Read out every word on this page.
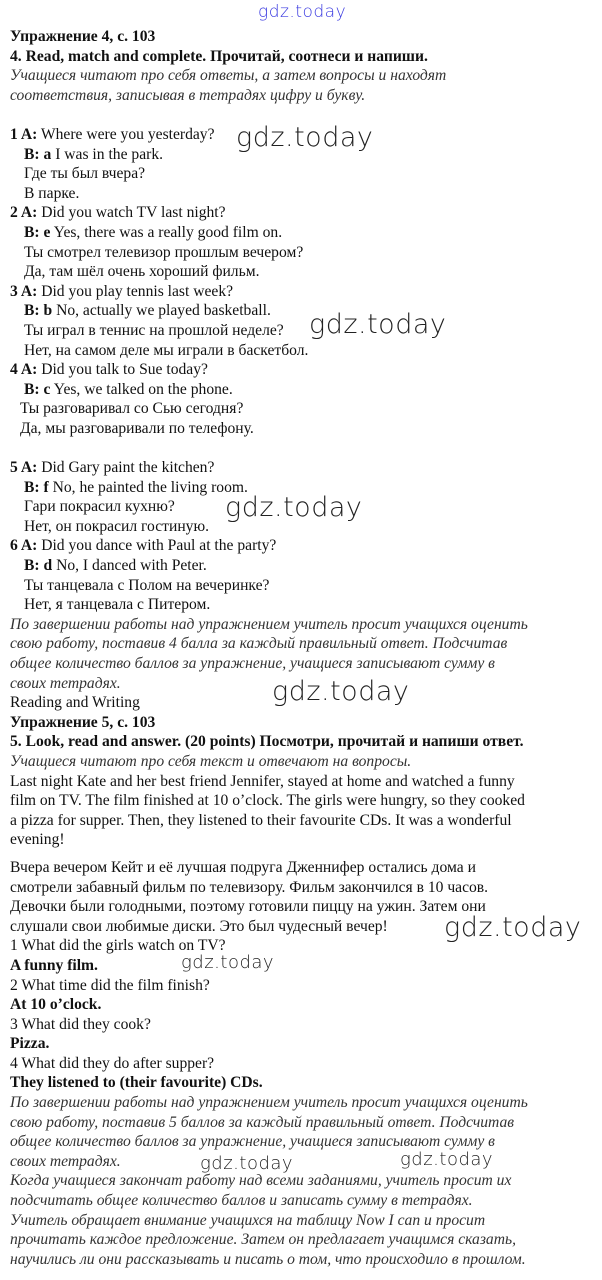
Упражнение 4, с. 103
4. Read, match and complete. Прочитай, соотнеси и напиши.
Учащиеся читают про себя ответы, а затем вопросы и находят
соответствия, записывая в тетрадях цифру и букву.
1 A: Where were you yesterday?
B: a I was in the park.
Где ты был вчера?
В парке.
2 A: Did you watch TV last night?
B: e Yes, there was a really good film on.
Ты смотрел телевизор прошлым вечером?
Да, там шёл очень хороший фильм.
3 A: Did you play tennis last week?
B: b No, actually we played basketball.
Ты играл в теннис на прошлой неделе?
Нет, на самом деле мы играли в баскетбол.
4 A: Did you talk to Sue today?
B: c Yes, we talked on the phone.
Ты разговаривал со Сью сегодня?
Да, мы разговаривали по телефону.
5 A: Did Gary paint the kitchen?
B: f No, he painted the living room.
Гари покрасил кухню?
Нет, он покрасил гостиную.
6 A: Did you dance with Paul at the party?
B: d No, I danced with Peter.
Ты танцевала с Полом на вечеринке?
Нет, я танцевала с Питером.
По завершении работы над упражнением учитель просит учащихся оценить
свою работу, поставив 4 балла за каждый правильный ответ. Подсчитав
общее количество баллов за упражнение, учащиеся записывают сумму в
своих тетрадях.
Reading and Writing
Упражнение 5, с. 103
5. Look, read and answer. (20 points) Посмотри, прочитай и напиши ответ.
Учащиеся читают про себя текст и отвечают на вопросы.
Last night Kate and her best friend Jennifer, stayed at home and watched a funny
film on TV. The film finished at 10 o’clock. The girls were hungry, so they cooked
a pizza for supper. Then, they listened to their favourite CDs. It was a wonderful
evening!
Вчера вечером Кейт и её лучшая подруга Дженнифер остались дома и
смотрели забавный фильм по телевизору. Фильм закончился в 10 часов.
Девочки были голодными, поэтому готовили пиццу на ужин. Затем они
слушали свои любимые диски. Это был чудесный вечер!
1 What did the girls watch on TV?
A funny film.
2 What time did the film finish?
At 10 o’clock.
3 What did they cook?
Pizza.
4 What did they do after supper?
They listened to (their favourite) CDs.
По завершении работы над упражнением учитель просит учащихся оценить
свою работу, поставив 5 баллов за каждый правильный ответ. Подсчитав
общее количество баллов за упражнение, учащиеся записывают сумму в
своих тетрадях.
Когда учащиеся закончат работу над всеми заданиями, учитель просит их
подсчитать общее количество баллов и записать сумму в тетрадях.
Учитель обращает внимание учащихся на таблицу Now I can и просит
прочитать каждое предложение. Затем он предлагает учащимся сказать,
научились ли они рассказывать и писать о том, что происходило в прошлом.
gdz.today
gdz.today
gdz.today
gdz.today
gdz.today
gdz.today
gdz.today
gdz.today	gdz.today
